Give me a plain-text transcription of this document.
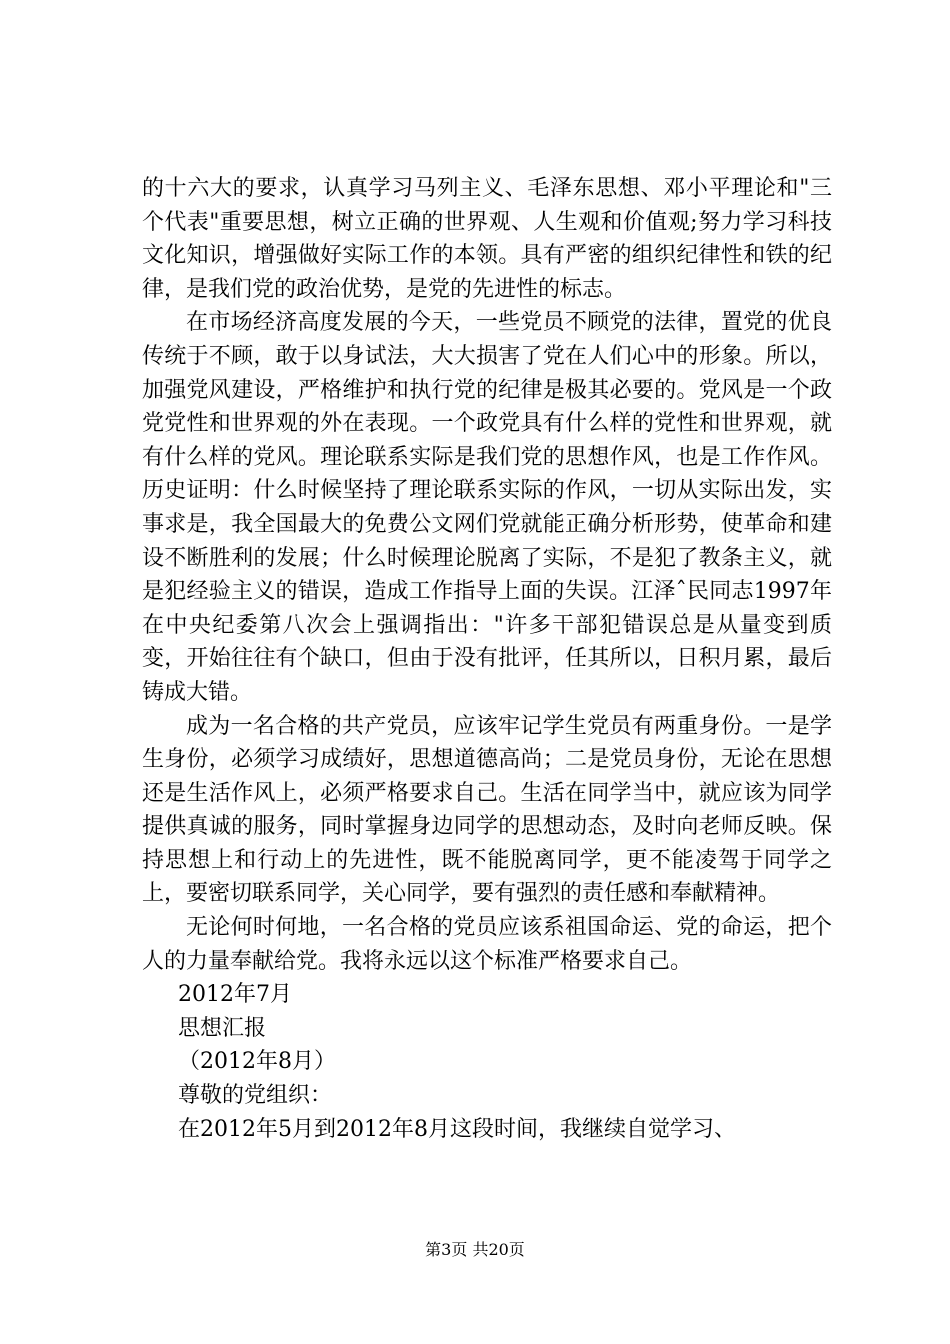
的十六大的要求，认真学习马列主义、毛泽东思想、邓小平理论和"三个代表"重要思想，树立正确的世界观、人生观和价值观;努力学习科技文化知识，增强做好实际工作的本领。具有严密的组织纪律性和铁的纪律，是我们党的政治优势，是党的先进性的标志。

在市场经济高度发展的今天，一些党员不顾党的法律，置党的优良传统于不顾，敢于以身试法，大大损害了党在人们心中的形象。所以，加强党风建设，严格维护和执行党的纪律是极其必要的。党风是一个政党党性和世界观的外在表现。一个政党具有什么样的党性和世界观，就有什么样的党风。理论联系实际是我们党的思想作风，也是工作作风。历史证明：什么时候坚持了理论联系实际的作风，一切从实际出发，实事求是，我全国最大的免费公文网们党就能正确分析形势，使革命和建设不断胜利的发展；什么时候理论脱离了实际，不是犯了教条主义，就是犯经验主义的错误，造成工作指导上面的失误。江泽ˆ民同志1997年在中央纪委第八次会上强调指出："许多干部犯错误总是从量变到质变，开始往往有个缺口，但由于没有批评，任其所以，日积月累，最后铸成大错。

成为一名合格的共产党员，应该牢记学生党员有两重身份。一是学生身份，必须学习成绩好，思想道德高尚；二是党员身份，无论在思想还是生活作风上，必须严格要求自己。生活在同学当中，就应该为同学提供真诚的服务，同时掌握身边同学的思想动态，及时向老师反映。保持思想上和行动上的先进性，既不能脱离同学，更不能凌驾于同学之上，要密切联系同学，关心同学，要有强烈的责任感和奉献精神。

无论何时何地，一名合格的党员应该系祖国命运、党的命运，把个人的力量奉献给党。我将永远以这个标准严格要求自己。

2012年7月

思想汇报

（2012年8月）

尊敬的党组织：

在2012年5月到2012年8月这段时间，我继续自觉学习、

第3页 共20页
